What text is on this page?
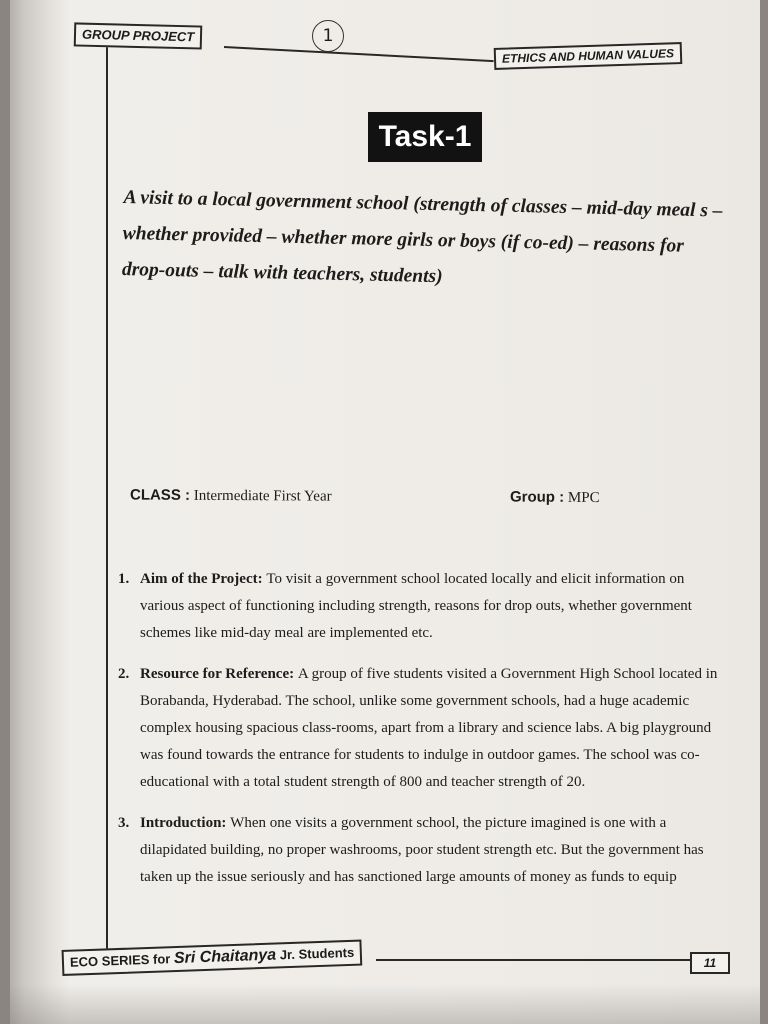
GROUP PROJECT
ETHICS AND HUMAN VALUES
1
Task-1

A visit to a local government school (strength of classes – mid-day meal s – whether provided – whether more girls or boys (if co-ed) – reasons for drop-outs – talk with teachers, students)

CLASS : Intermediate First Year	Group : MPC
1. Aim of the Project: To visit a government school located locally and elicit information on various aspect of functioning including strength, reasons for drop outs, whether government schemes like mid-day meal are implemented etc.

2. Resource for Reference: A group of five students visited a Government High School located in Borabanda, Hyderabad. The school, unlike some government schools, had a huge academic complex housing spacious class-rooms, apart from a library and science labs. A big playground was found towards the entrance for students to indulge in outdoor games. The school was co-educational with a total student strength of 800 and teacher strength of 20.

3. Introduction: When one visits a government school, the picture imagined is one with a dilapidated building, no proper washrooms, poor student strength etc. But the government has taken up the issue seriously and has sanctioned large amounts of money as funds to equip

ECO SERIES for Sri Chaitanya Jr. Students
11
